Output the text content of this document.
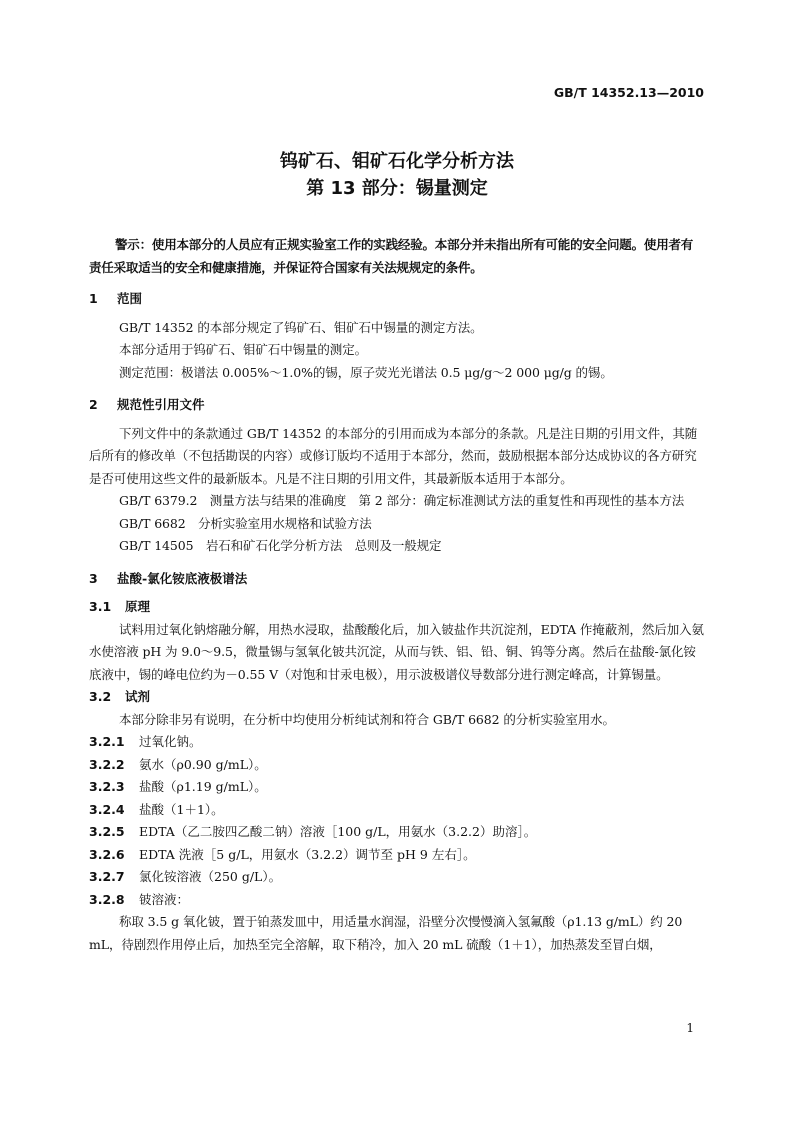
GB/T 14352.13—2010

钨矿石、钼矿石化学分析方法

第 13 部分：锡量测定

警示：使用本部分的人员应有正规实验室工作的实践经验。本部分并未指出所有可能的安全问题。使用者有责任采取适当的安全和健康措施，并保证符合国家有关法规规定的条件。

1	范围

GB/T 14352 的本部分规定了钨矿石、钼矿石中锡量的测定方法。

本部分适用于钨矿石、钼矿石中锡量的测定。

测定范围：极谱法 0.005%～1.0%的锡，原子荧光光谱法 0.5 μg/g～2 000 μg/g 的锡。

2	规范性引用文件

下列文件中的条款通过 GB/T 14352 的本部分的引用而成为本部分的条款。凡是注日期的引用文件，其随后所有的修改单（不包括勘误的内容）或修订版均不适用于本部分，然而，鼓励根据本部分达成协议的各方研究是否可使用这些文件的最新版本。凡是不注日期的引用文件，其最新版本适用于本部分。

GB/T 6379.2　测量方法与结果的准确度　第 2 部分：确定标准测试方法的重复性和再现性的基本方法

GB/T 6682　分析实验室用水规格和试验方法

GB/T 14505　岩石和矿石化学分析方法　总则及一般规定

3	盐酸-氯化铵底液极谱法
3.1	原理

试料用过氧化钠熔融分解，用热水浸取，盐酸酸化后，加入铍盐作共沉淀剂，EDTA 作掩蔽剂，然后加入氨水使溶液 pH 为 9.0～9.5，微量锡与氢氧化铍共沉淀，从而与铁、铝、铅、铜、钨等分离。然后在盐酸-氯化铵底液中，锡的峰电位约为－0.55 V（对饱和甘汞电极），用示波极谱仪导数部分进行测定峰高，计算锡量。

3.2	试剂

本部分除非另有说明，在分析中均使用分析纯试剂和符合 GB/T 6682 的分析实验室用水。

3.2.1	过氧化钠。
3.2.2	氨水（ρ0.90 g/mL）。
3.2.3	盐酸（ρ1.19 g/mL）。
3.2.4	盐酸（1＋1）。
3.2.5	EDTA（乙二胺四乙酸二钠）溶液［100 g/L，用氨水（3.2.2）助溶］。
3.2.6	EDTA 洗液［5 g/L，用氨水（3.2.2）调节至 pH 9 左右］。
3.2.7	氯化铵溶液（250 g/L）。
3.2.8	铍溶液：

称取 3.5 g 氧化铍，置于铂蒸发皿中，用适量水润湿，沿壁分次慢慢滴入氢氟酸（ρ1.13 g/mL）约 20 mL，待剧烈作用停止后，加热至完全溶解，取下稍冷，加入 20 mL 硫酸（1＋1），加热蒸发至冒白烟，

1
